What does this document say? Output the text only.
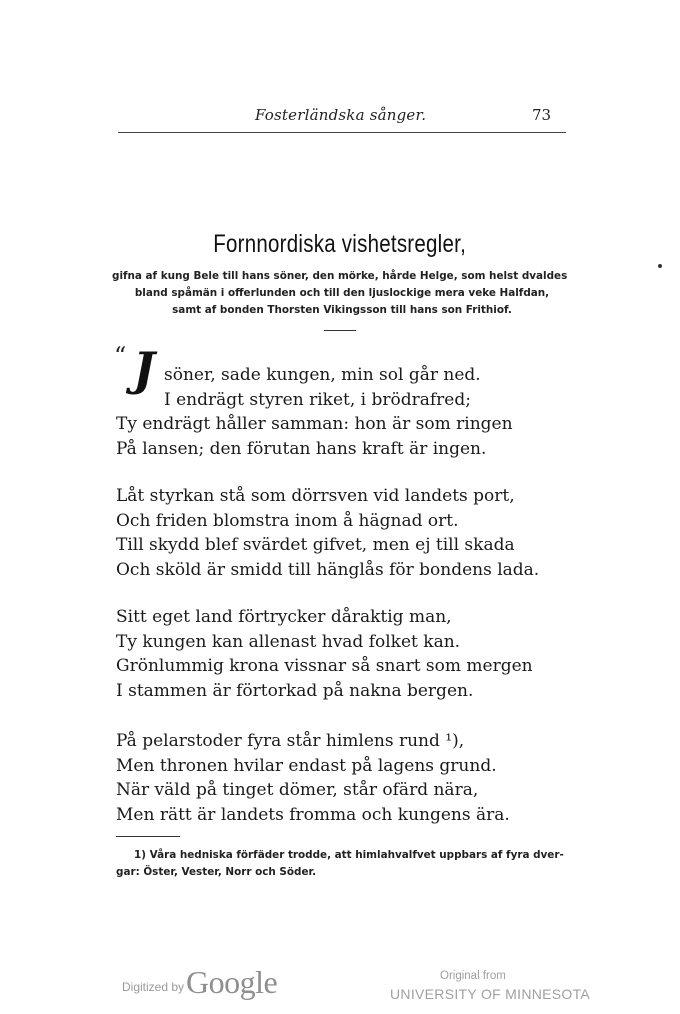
Fosterländska sånger.	73
Fornnordiska vishetsregler,
gifna af kung Bele till hans söner, den mörke, hårde Helge, som helst dvaldes
bland spåmän i offerlunden och till den ljuslockige mera veke Halfdan,
samt af bonden Thorsten Vikingsson till hans son Frithiof.
“ J söner, sade kungen, min sol går ned.
I endrägt styren riket, i brödrafred;
Ty endrägt håller samman: hon är som ringen
På lansen; den förutan hans kraft är ingen.
Låt styrkan stå som dörrsven vid landets port,
Och friden blomstra inom å hägnad ort.
Till skydd blef svärdet gifvet, men ej till skada
Och sköld är smidd till hänglås för bondens lada.
Sitt eget land förtrycker dåraktig man,
Ty kungen kan allenast hvad folket kan.
Grönlummig krona vissnar så snart som mergen
I stammen är förtorkad på nakna bergen.
På pelarstoder fyra står himlens rund ¹),
Men thronen hvilar endast på lagens grund.
När väld på tinget dömer, står ofärd nära,
Men rätt är landets fromma och kungens ära.
1) Våra hedniska förfäder trodde, att himlahvalfvet uppbars af fyra dver-
gar: Öster, Vester, Norr och Söder.
Digitized by Google	Original from
UNIVERSITY OF MINNESOTA
